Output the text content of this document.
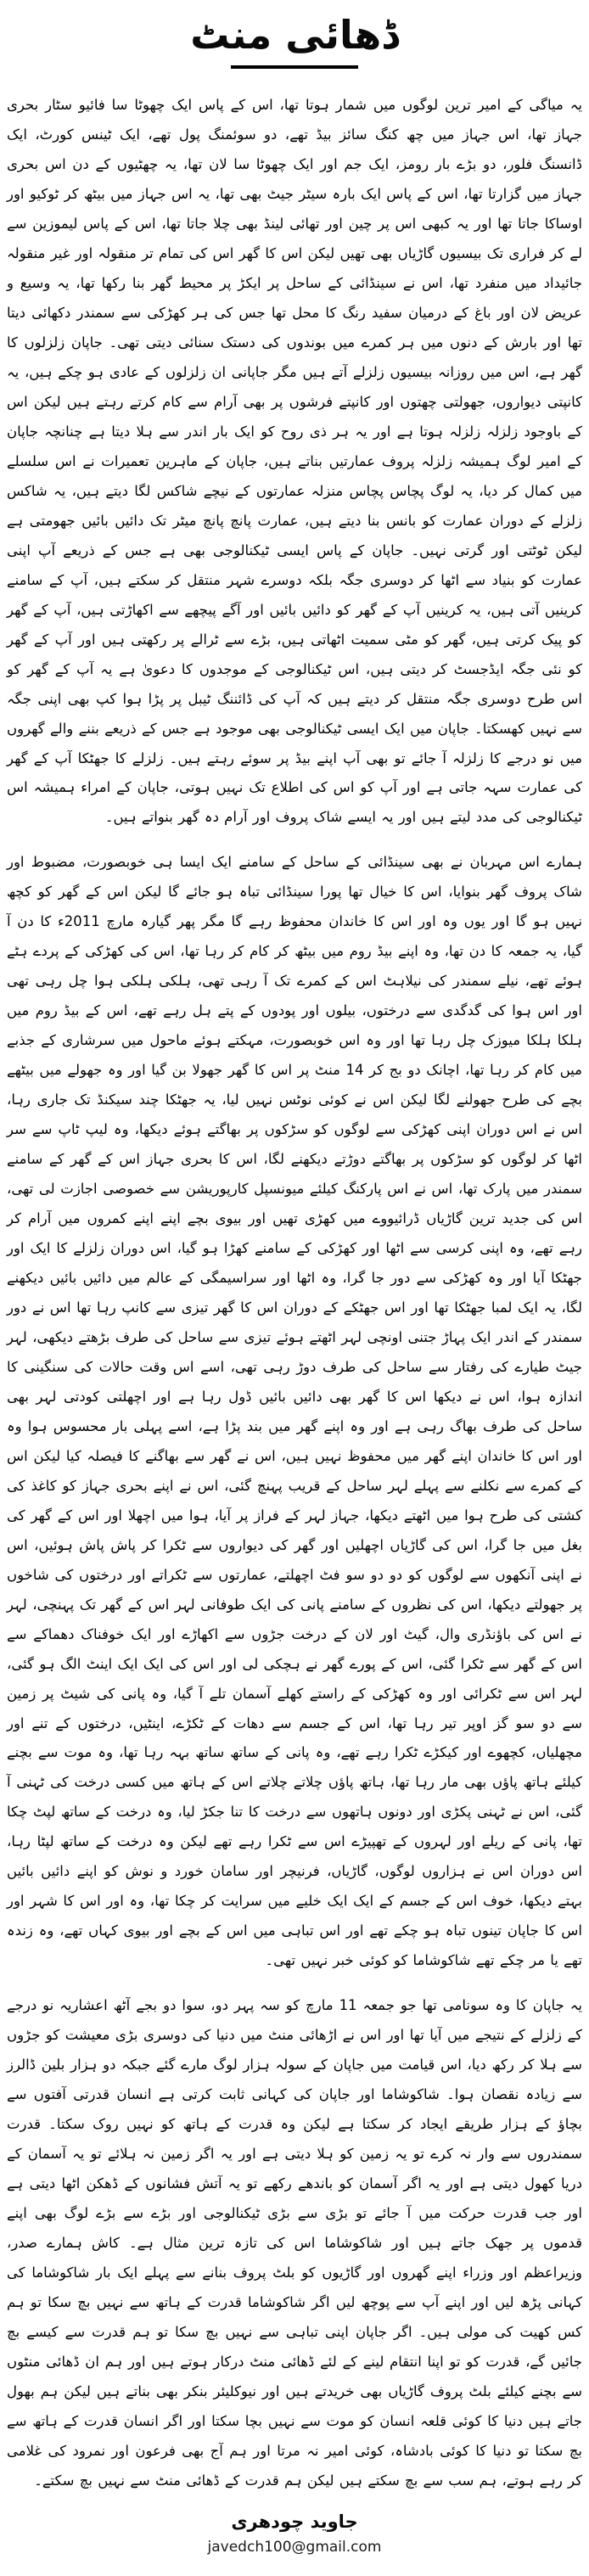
ڈھائی منٹ

یہ میاگی کے امیر ترین لوگوں میں شمار ہوتا تھا، اس کے پاس ایک چھوٹا سا فائیو سٹار بحری جہاز تھا، اس جہاز میں چھ کنگ سائز بیڈ تھے، دو سوئمنگ پول تھے، ایک ٹینس کورٹ، ایک ڈانسنگ فلور، دو بڑے بار رومز، ایک جم اور ایک چھوٹا سا لان تھا، یہ چھٹیوں کے دن اس بحری جہاز میں گزارتا تھا، اس کے پاس ایک بارہ سیٹر جیٹ بھی تھا، یہ اس جہاز میں بیٹھ کر ٹوکیو اور اوساکا جاتا تھا اور یہ کبھی اس پر چین اور تھائی لینڈ بھی چلا جاتا تھا، اس کے پاس لیموزین سے لے کر فراری تک بیسیوں گاڑیاں بھی تھیں لیکن اس کا گھر اس کی تمام تر منقولہ اور غیر منقولہ جائیداد میں منفرد تھا، اس نے سینڈائی کے ساحل پر ایکڑ پر محیط گھر بنا رکھا تھا، یہ وسیع و عریض لان اور باغ کے درمیان سفید رنگ کا محل تھا جس کی ہر کھڑکی سے سمندر دکھائی دیتا تھا اور بارش کے دنوں میں ہر کمرے میں بوندوں کی دستک سنائی دیتی تھی۔ جاپان زلزلوں کا گھر ہے، اس میں روزانہ بیسیوں زلزلے آتے ہیں مگر جاپانی ان زلزلوں کے عادی ہو چکے ہیں، یہ کانپتی دیواروں، جھولتی چھتوں اور کانپتے فرشوں پر بھی آرام سے کام کرتے رہتے ہیں لیکن اس کے باوجود زلزلہ زلزلہ ہوتا ہے اور یہ ہر ذی روح کو ایک بار اندر سے ہلا دیتا ہے چنانچہ جاپان کے امیر لوگ ہمیشہ زلزلہ پروف عمارتیں بناتے ہیں، جاپان کے ماہرین تعمیرات نے اس سلسلے میں کمال کر دیا، یہ لوگ پچاس پچاس منزلہ عمارتوں کے نیچے شاکس لگا دیتے ہیں، یہ شاکس زلزلے کے دوران عمارت کو بانس بنا دیتے ہیں، عمارت پانچ پانچ میٹر تک دائیں بائیں جھومتی ہے لیکن ٹوٹتی اور گرتی نہیں۔ جاپان کے پاس ایسی ٹیکنالوجی بھی ہے جس کے ذریعے آپ اپنی عمارت کو بنیاد سے اٹھا کر دوسری جگہ بلکہ دوسرے شہر منتقل کر سکتے ہیں، آپ کے سامنے کرینیں آتی ہیں، یہ کرینیں آپ کے گھر کو دائیں بائیں اور آگے پیچھے سے اکھاڑتی ہیں، آپ کے گھر کو پیک کرتی ہیں، گھر کو مٹی سمیت اٹھاتی ہیں، بڑے سے ٹرالے پر رکھتی ہیں اور آپ کے گھر کو نئی جگہ ایڈجسٹ کر دیتی ہیں، اس ٹیکنالوجی کے موجدوں کا دعویٰ ہے یہ آپ کے گھر کو اس طرح دوسری جگہ منتقل کر دیتے ہیں کہ آپ کی ڈائننگ ٹیبل پر پڑا ہوا کپ بھی اپنی جگہ سے نہیں کھسکتا۔ جاپان میں ایک ایسی ٹیکنالوجی بھی موجود ہے جس کے ذریعے بننے والے گھروں میں نو درجے کا زلزلہ آ جائے تو بھی آپ اپنے بیڈ پر سوئے رہتے ہیں۔ زلزلے کا جھٹکا آپ کے گھر کی عمارت سہہ جاتی ہے اور آپ کو اس کی اطلاع تک نہیں ہوتی، جاپان کے امراء ہمیشہ اس ٹیکنالوجی کی مدد لیتے ہیں اور یہ ایسے شاک پروف اور آرام دہ گھر بنواتے ہیں۔

ہمارے اس مہربان نے بھی سینڈائی کے ساحل کے سامنے ایک ایسا ہی خوبصورت، مضبوط اور شاک پروف گھر بنوایا، اس کا خیال تھا پورا سینڈائی تباہ ہو جائے گا لیکن اس کے گھر کو کچھ نہیں ہو گا اور یوں وہ اور اس کا خاندان محفوظ رہے گا مگر پھر گیارہ مارچ 2011ء کا دن آ گیا، یہ جمعہ کا دن تھا، وہ اپنے بیڈ روم میں بیٹھ کر کام کر رہا تھا، اس کی کھڑکی کے پردے ہٹے ہوئے تھے، نیلے سمندر کی نیلاہٹ اس کے کمرے تک آ رہی تھی، ہلکی ہلکی ہوا چل رہی تھی اور اس ہوا کی گدگدی سے درختوں، بیلوں اور پودوں کے پتے ہل رہے تھے، اس کے بیڈ روم میں ہلکا ہلکا میوزک چل رہا تھا اور وہ اس خوبصورت، مہکتے ہوئے ماحول میں سرشاری کے جذبے میں کام کر رہا تھا، اچانک دو بج کر 14 منٹ پر اس کا گھر جھولا بن گیا اور وہ جھولے میں بیٹھے بچے کی طرح جھولنے لگا لیکن اس نے کوئی نوٹس نہیں لیا، یہ جھٹکا چند سیکنڈ تک جاری رہا، اس نے اس دوران اپنی کھڑکی سے لوگوں کو سڑکوں پر بھاگتے ہوئے دیکھا، وہ لیپ ٹاپ سے سر اٹھا کر لوگوں کو سڑکوں پر بھاگتے دوڑتے دیکھنے لگا، اس کا بحری جہاز اس کے گھر کے سامنے سمندر میں پارک تھا، اس نے اس پارکنگ کیلئے میونسپل کارپوریشن سے خصوصی اجازت لی تھی، اس کی جدید ترین گاڑیاں ڈرائیووے میں کھڑی تھیں اور بیوی بچے اپنے اپنے کمروں میں آرام کر رہے تھے، وہ اپنی کرسی سے اٹھا اور کھڑکی کے سامنے کھڑا ہو گیا، اس دوران زلزلے کا ایک اور جھٹکا آیا اور وہ کھڑکی سے دور جا گرا، وہ اٹھا اور سراسیمگی کے عالم میں دائیں بائیں دیکھنے لگا، یہ ایک لمبا جھٹکا تھا اور اس جھٹکے کے دوران اس کا گھر تیزی سے کانپ رہا تھا اس نے دور سمندر کے اندر ایک پہاڑ جتنی اونچی لہر اٹھتے ہوئے تیزی سے ساحل کی طرف بڑھتے دیکھی، لہر جیٹ طیارے کی رفتار سے ساحل کی طرف دوڑ رہی تھی، اسے اس وقت حالات کی سنگینی کا اندازہ ہوا، اس نے دیکھا اس کا گھر بھی دائیں بائیں ڈول رہا ہے اور اچھلتی کودتی لہر بھی ساحل کی طرف بھاگ رہی ہے اور وہ اپنے گھر میں بند پڑا ہے، اسے پہلی بار محسوس ہوا وہ اور اس کا خاندان اپنے گھر میں محفوظ نہیں ہیں، اس نے گھر سے بھاگنے کا فیصلہ کیا لیکن اس کے کمرے سے نکلنے سے پہلے لہر ساحل کے قریب پہنچ گئی، اس نے اپنے بحری جہاز کو کاغذ کی کشتی کی طرح ہوا میں اٹھتے دیکھا، جہاز لہر کے فراز پر آیا، ہوا میں اچھلا اور اس کے گھر کی بغل میں جا گرا، اس کی گاڑیاں اچھلیں اور گھر کی دیواروں سے ٹکرا کر پاش پاش ہوئیں، اس نے اپنی آنکھوں سے لوگوں کو دو دو سو فٹ اچھلتے، عمارتوں سے ٹکراتے اور درختوں کی شاخوں پر جھولتے دیکھا، اس کی نظروں کے سامنے پانی کی ایک طوفانی لہر اس کے گھر تک پہنچی، لہر نے اس کی باؤنڈری وال، گیٹ اور لان کے درخت جڑوں سے اکھاڑے اور ایک خوفناک دھماکے سے اس کے گھر سے ٹکرا گئی، اس کے پورے گھر نے ہچکی لی اور اس کی ایک ایک اینٹ الگ ہو گئی، لہر اس سے ٹکرائی اور وہ کھڑکی کے راستے کھلے آسمان تلے آ گیا، وہ پانی کی شیٹ پر زمین سے دو سو گز اوپر تیر رہا تھا، اس کے جسم سے دھات کے ٹکڑے، اینٹیں، درختوں کے تنے اور مچھلیاں، کچھوے اور کیکڑے ٹکرا رہے تھے، وہ پانی کے ساتھ ساتھ بہہ رہا تھا، وہ موت سے بچنے کیلئے ہاتھ پاؤں بھی مار رہا تھا، ہاتھ پاؤں چلاتے چلاتے اس کے ہاتھ میں کسی درخت کی ٹہنی آ گئی، اس نے ٹہنی پکڑی اور دونوں ہاتھوں سے درخت کا تنا جکڑ لیا، وہ درخت کے ساتھ لپٹ چکا تھا، پانی کے ریلے اور لہروں کے تھپیڑے اس سے ٹکرا رہے تھے لیکن وہ درخت کے ساتھ لپٹا رہا، اس دوران اس نے ہزاروں لوگوں، گاڑیاں، فرنیچر اور سامان خورد و نوش کو اپنے دائیں بائیں بہتے دیکھا، خوف اس کے جسم کے ایک ایک خلیے میں سرایت کر چکا تھا، وہ اور اس کا شہر اور اس کا جاپان تینوں تباہ ہو چکے تھے اور اس تباہی میں اس کے بچے اور بیوی کہاں تھے، وہ زندہ تھے یا مر چکے تھے شاکوشاما کو کوئی خبر نہیں تھی۔

یہ جاپان کا وہ سونامی تھا جو جمعہ 11 مارچ کو سہ پہر دو، سوا دو بجے آٹھ اعشاریہ نو درجے کے زلزلے کے نتیجے میں آیا تھا اور اس نے اڑھائی منٹ میں دنیا کی دوسری بڑی معیشت کو جڑوں سے ہلا کر رکھ دیا، اس قیامت میں جاپان کے سولہ ہزار لوگ مارے گئے جبکہ دو ہزار بلین ڈالرز سے زیادہ نقصان ہوا۔ شاکوشاما اور جاپان کی کہانی ثابت کرتی ہے انسان قدرتی آفتوں سے بچاؤ کے ہزار طریقے ایجاد کر سکتا ہے لیکن وہ قدرت کے ہاتھ کو نہیں روک سکتا۔ قدرت سمندروں سے وار نہ کرے تو یہ زمین کو ہلا دیتی ہے اور یہ اگر زمین نہ ہلائے تو یہ آسمان کے دریا کھول دیتی ہے اور یہ اگر آسمان کو باندھے رکھے تو یہ آتش فشانوں کے ڈھکن اٹھا دیتی ہے اور جب قدرت حرکت میں آ جائے تو بڑی سے بڑی ٹیکنالوجی اور بڑے سے بڑے لوگ بھی اپنے قدموں پر جھک جاتے ہیں اور شاکوشاما اس کی تازہ ترین مثال ہے۔ کاش ہمارے صدر، وزیراعظم اور وزراء اپنے گھروں اور گاڑیوں کو بلٹ پروف بنانے سے پہلے ایک بار شاکوشاما کی کہانی پڑھ لیں اور اپنے آپ سے پوچھ لیں اگر شاکوشاما قدرت کے ہاتھ سے نہیں بچ سکا تو ہم کس کھیت کی مولی ہیں۔ اگر جاپان اپنی تباہی سے نہیں بچ سکا تو ہم قدرت سے کیسے بچ جائیں گے، قدرت کو تو اپنا انتقام لینے کے لئے ڈھائی منٹ درکار ہوتے ہیں اور ہم ان ڈھائی منٹوں سے بچنے کیلئے بلٹ پروف گاڑیاں بھی خریدتے ہیں اور نیوکلیئر بنکر بھی بناتے ہیں لیکن ہم بھول جاتے ہیں دنیا کا کوئی قلعہ انسان کو موت سے نہیں بچا سکتا اور اگر انسان قدرت کے ہاتھ سے بچ سکتا تو دنیا کا کوئی بادشاہ، کوئی امیر نہ مرتا اور ہم آج بھی فرعون اور نمرود کی غلامی کر رہے ہوتے، ہم سب سے بچ سکتے ہیں لیکن ہم قدرت کے ڈھائی منٹ سے نہیں بچ سکتے۔

جاوید چودھری
javedch100@gmail.com
